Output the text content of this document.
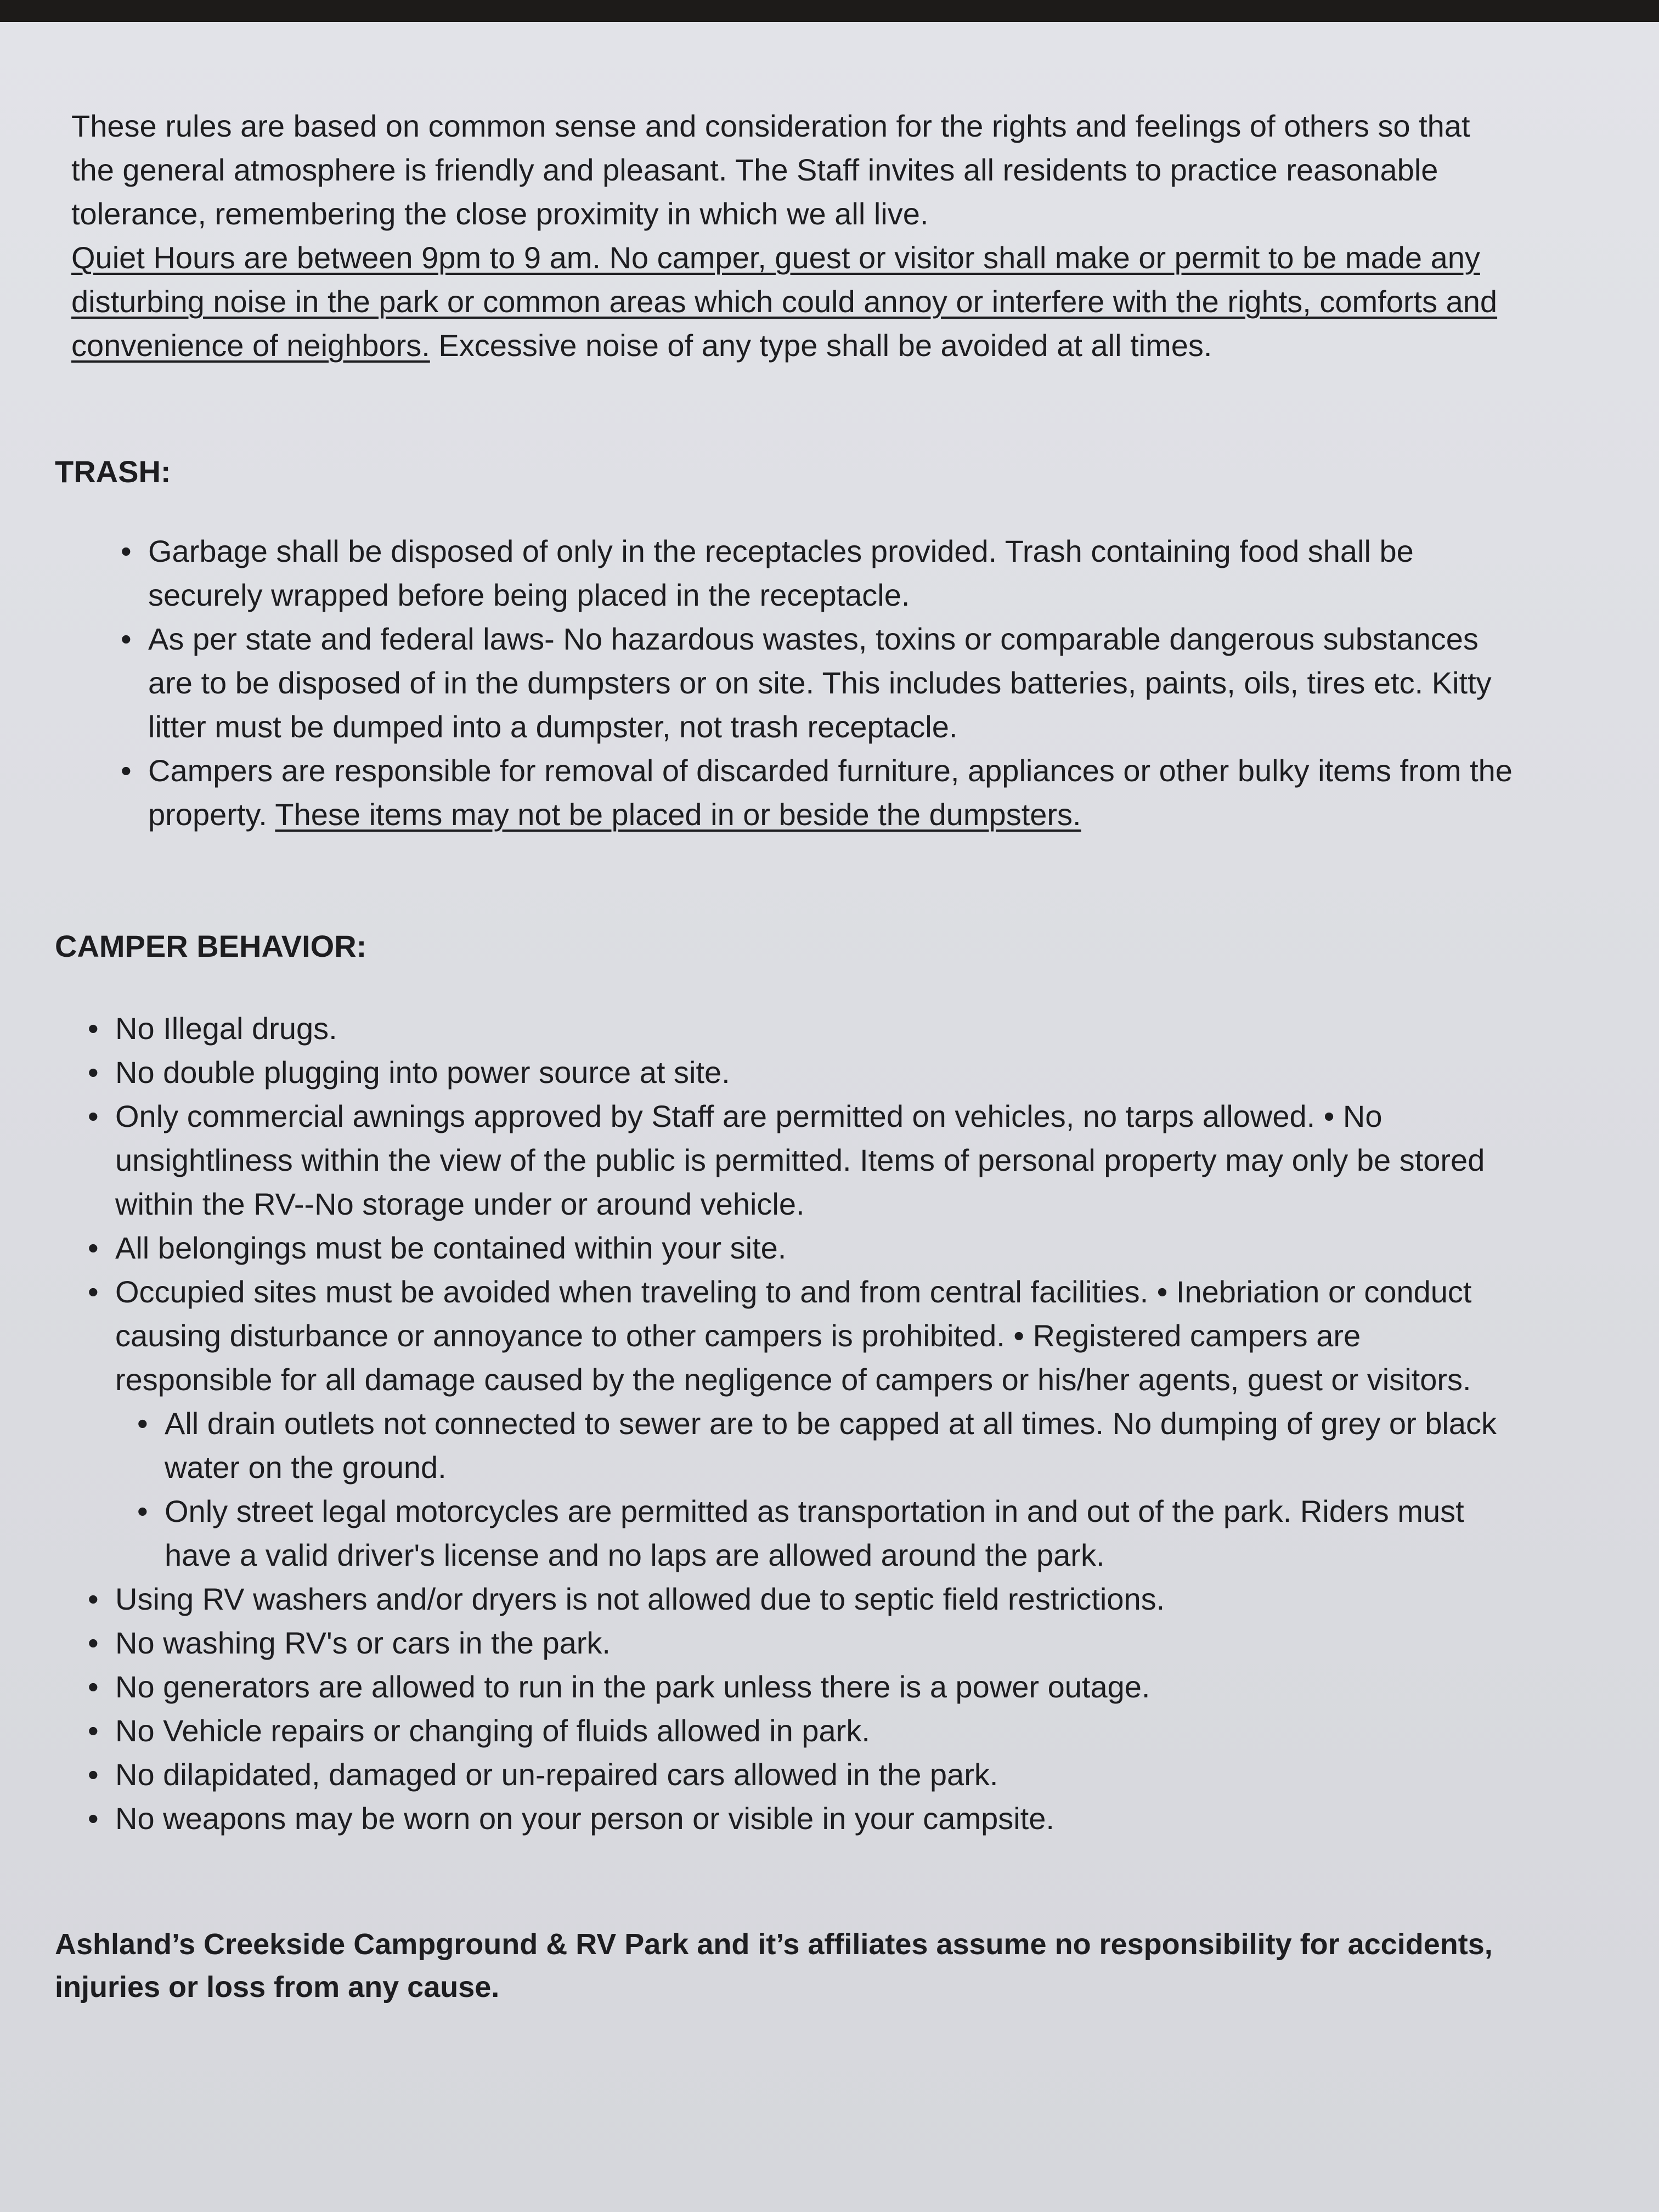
These rules are based on common sense and consideration for the rights and feelings of others so that the general atmosphere is friendly and pleasant. The Staff invites all residents to practice reasonable tolerance, remembering the close proximity in which we all live.

Quiet Hours are between 9pm to 9 am. No camper, guest or visitor shall make or permit to be made any disturbing noise in the park or common areas which could annoy or interfere with the rights, comforts and convenience of neighbors. Excessive noise of any type shall be avoided at all times.

TRASH:
• Garbage shall be disposed of only in the receptacles provided. Trash containing food shall be securely wrapped before being placed in the receptacle.
• As per state and federal laws- No hazardous wastes, toxins or comparable dangerous substances are to be disposed of in the dumpsters or on site. This includes batteries, paints, oils, tires etc. Kitty litter must be dumped into a dumpster, not trash receptacle.
• Campers are responsible for removal of discarded furniture, appliances or other bulky items from the property. These items may not be placed in or beside the dumpsters.
CAMPER BEHAVIOR:
• No Illegal drugs.
• No double plugging into power source at site.
• Only commercial awnings approved by Staff are permitted on vehicles, no tarps allowed. • No unsightliness within the view of the public is permitted. Items of personal property may only be stored within the RV--No storage under or around vehicle.
• All belongings must be contained within your site.
• Occupied sites must be avoided when traveling to and from central facilities. • Inebriation or conduct causing disturbance or annoyance to other campers is prohibited. • Registered campers are responsible for all damage caused by the negligence of campers or his/her agents, guest or visitors.
• All drain outlets not connected to sewer are to be capped at all times. No dumping of grey or black water on the ground.
• Only street legal motorcycles are permitted as transportation in and out of the park. Riders must have a valid driver's license and no laps are allowed around the park.
• Using RV washers and/or dryers is not allowed due to septic field restrictions.
• No washing RV's or cars in the park.
• No generators are allowed to run in the park unless there is a power outage.
• No Vehicle repairs or changing of fluids allowed in park.
• No dilapidated, damaged or un-repaired cars allowed in the park.
• No weapons may be worn on your person or visible in your campsite.

Ashland’s Creekside Campground & RV Park and it’s affiliates assume no responsibility for accidents, injuries or loss from any cause.
